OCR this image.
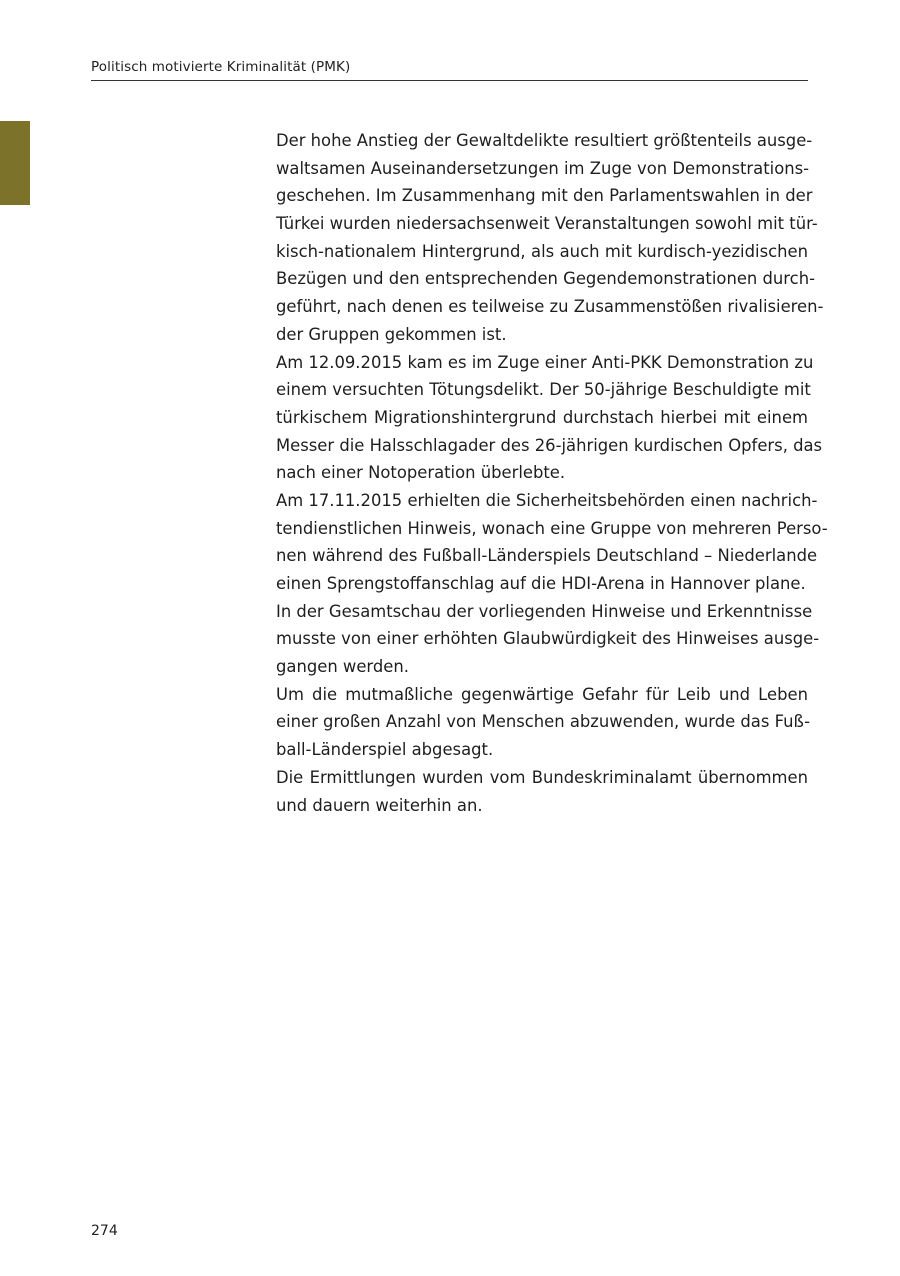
Politisch motivierte Kriminalität (PMK)

Der hohe Anstieg der Gewaltdelikte resultiert größtenteils ausge-
waltsamen Auseinandersetzungen im Zuge von Demonstrations-
geschehen. Im Zusammenhang mit den Parlamentswahlen in der
Türkei wurden niedersachsenweit Veranstaltungen sowohl mit tür-
kisch-nationalem Hintergrund, als auch mit kurdisch-yezidischen
Bezügen und den entsprechenden Gegendemonstrationen durch-
geführt, nach denen es teilweise zu Zusammenstößen rivalisieren-
der Gruppen gekommen ist.

Am 12.09.2015 kam es im Zuge einer Anti-PKK Demonstration zu
einem versuchten Tötungsdelikt. Der 50-jährige Beschuldigte mit
türkischem Migrationshintergrund durchstach hierbei mit einem
Messer die Halsschlagader des 26-jährigen kurdischen Opfers, das
nach einer Notoperation überlebte.

Am 17.11.2015 erhielten die Sicherheitsbehörden einen nachrich-
tendienstlichen Hinweis, wonach eine Gruppe von mehreren Perso-
nen während des Fußball-Länderspiels Deutschland – Niederlande
einen Sprengstoffanschlag auf die HDI-Arena in Hannover plane.

In der Gesamtschau der vorliegenden Hinweise und Erkenntnisse
musste von einer erhöhten Glaubwürdigkeit des Hinweises ausge-
gangen werden.

Um die mutmaßliche gegenwärtige Gefahr für Leib und Leben
einer großen Anzahl von Menschen abzuwenden, wurde das Fuß-
ball-Länderspiel abgesagt.

Die Ermittlungen wurden vom Bundeskriminalamt übernommen
und dauern weiterhin an.

274
